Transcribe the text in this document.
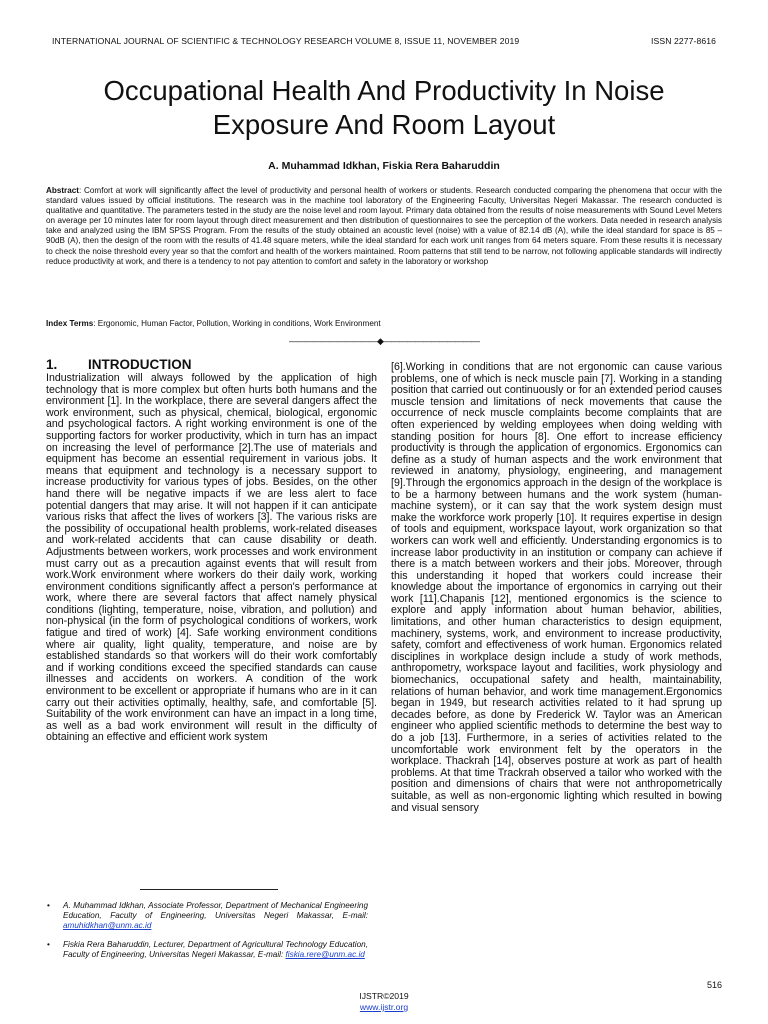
INTERNATIONAL JOURNAL OF SCIENTIFIC & TECHNOLOGY RESEARCH VOLUME 8, ISSUE 11, NOVEMBER 2019	ISSN 2277-8616
Occupational Health And Productivity In Noise
Exposure And Room Layout
A. Muhammad Idkhan, Fiskia Rera Baharuddin

Abstract: Comfort at work will significantly affect the level of productivity and personal health of workers or students. Research conducted comparing the phenomena that occur with the standard values issued by official institutions. The research was in the machine tool laboratory of the Engineering Faculty, Universitas Negeri Makassar. The research conducted is qualitative and quantitative. The parameters tested in the study are the noise level and room layout. Primary data obtained from the results of noise measurements with Sound Level Meters on average per 10 minutes later for room layout through direct measurement and then distribution of questionnaires to see the perception of the workers. Data needed in research analysis take and analyzed using the IBM SPSS Program. From the results of the study obtained an acoustic level (noise) with a value of 82.14 dB (A), while the ideal standard for space is 85 – 90dB (A), then the design of the room with the results of 41.48 square meters, while the ideal standard for each work unit ranges from 64 meters square. From these results it is necessary to check the noise threshold every year so that the comfort and health of the workers maintained. Room patterns that still tend to be narrow, not following applicable standards will indirectly reduce productivity at work, and there is a tendency to not pay attention to comfort and safety in the laboratory or workshop

Index Terms: Ergonomic, Human Factor, Pollution, Working in conditions, Work Environment

———————————◆————————————
1. INTRODUCTION

Industrialization will always followed by the application of high technology that is more complex but often hurts both humans and the environment [1]. In the workplace, there are several dangers affect the work environment, such as physical, chemical, biological, ergonomic and psychological factors. A right working environment is one of the supporting factors for worker productivity, which in turn has an impact on increasing the level of performance [2].The use of materials and equipment has become an essential requirement in various jobs. It means that equipment and technology is a necessary support to increase productivity for various types of jobs. Besides, on the other hand there will be negative impacts if we are less alert to face potential dangers that may arise. It will not happen if it can anticipate various risks that affect the lives of workers [3]. The various risks are the possibility of occupational health problems, work-related diseases and work-related accidents that can cause disability or death. Adjustments between workers, work processes and work environment must carry out as a precaution against events that will result from work.Work environment where workers do their daily work, working environment conditions significantly affect a person's performance at work, where there are several factors that affect namely physical conditions (lighting, temperature, noise, vibration, and pollution) and non-physical (in the form of psychological conditions of workers, work fatigue and tired of work) [4]. Safe working environment conditions where air quality, light quality, temperature, and noise are by established standards so that workers will do their work comfortably and if working conditions exceed the specified standards can cause illnesses and accidents on workers. A condition of the work environment to be excellent or appropriate if humans who are in it can carry out their activities optimally, healthy, safe, and comfortable [5]. Suitability of the work environment can have an impact in a long time, as well as a bad work environment will result in the difficulty of obtaining an effective and efficient work system

[6].Working in conditions that are not ergonomic can cause various problems, one of which is neck muscle pain [7]. Working in a standing position that carried out continuously or for an extended period causes muscle tension and limitations of neck movements that cause the occurrence of neck muscle complaints become complaints that are often experienced by welding employees when doing welding with standing position for hours [8]. One effort to increase efficiency productivity is through the application of ergonomics. Ergonomics can define as a study of human aspects and the work environment that reviewed in anatomy, physiology, engineering, and management [9].Through the ergonomics approach in the design of the workplace is to be a harmony between humans and the work system (human-machine system), or it can say that the work system design must make the workforce work properly [10]. It requires expertise in design of tools and equipment, workspace layout, work organization so that workers can work well and efficiently. Understanding ergonomics is to increase labor productivity in an institution or company can achieve if there is a match between workers and their jobs. Moreover, through this understanding it hoped that workers could increase their knowledge about the importance of ergonomics in carrying out their work [11].Chapanis [12], mentioned ergonomics is the science to explore and apply information about human behavior, abilities, limitations, and other human characteristics to design equipment, machinery, systems, work, and environment to increase productivity, safety, comfort and effectiveness of work human. Ergonomics related disciplines in workplace design include a study of work methods, anthropometry, workspace layout and facilities, work physiology and biomechanics, occupational safety and health, maintainability, relations of human behavior, and work time management.Ergonomics began in 1949, but research activities related to it had sprung up decades before, as done by Frederick W. Taylor was an American engineer who applied scientific methods to determine the best way to do a job [13]. Furthermore, in a series of activities related to the uncomfortable work environment felt by the operators in the workplace. Thackrah [14], observes posture at work as part of health problems. At that time Trackrah observed a tailor who worked with the position and dimensions of chairs that were not anthropometrically suitable, as well as non-ergonomic lighting which resulted in bowing and visual sensory

•	A. Muhammad Idkhan, Associate Professor, Department of Mechanical Engineering Education, Faculty of Engineering, Universitas Negeri Makassar, E-mail: amuhidkhan@unm.ac.id

•	Fiskia Rera Baharuddin, Lecturer, Department of Agricultural Technology Education, Faculty of Engineering, Universitas Negeri Makassar, E-mail: fiskia.rere@unm.ac.id

516
IJSTR©2019
www.ijstr.org
